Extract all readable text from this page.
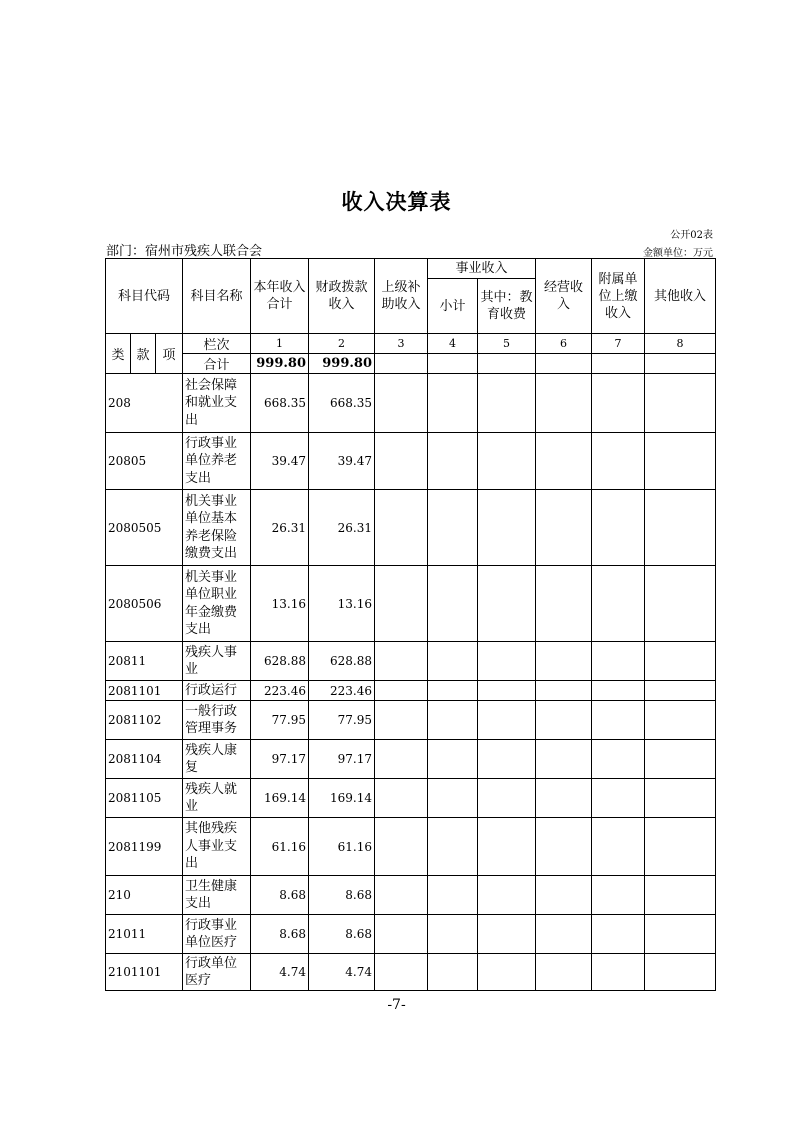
收入决算表
公开02表
部门：宿州市残疾人联合会	金额单位：万元
科目代码			科目名称	本年收入合计	财政拨款收入	上级补助收入	事业收入		经营收入	附属单位上缴收入	其他收入
							小计	其中：教育收费			

类	款	项	栏次	1	2	3	4	5	6	7	8
			合计	999.80	999.80						
208			社会保障和就业支出	668.35	668.35						
20805			行政事业单位养老支出	39.47	39.47						
2080505			机关事业单位基本养老保险缴费支出	26.31	26.31						
2080506			机关事业单位职业年金缴费支出	13.16	13.16						
20811			残疾人事业	628.88	628.88						
2081101			行政运行	223.46	223.46						
2081102			一般行政管理事务	77.95	77.95						
2081104			残疾人康复	97.17	97.17						
2081105			残疾人就业	169.14	169.14						
2081199			其他残疾人事业支出	61.16	61.16						
210			卫生健康支出	8.68	8.68						
21011			行政事业单位医疗	8.68	8.68						
2101101			行政单位医疗	4.74	4.74						
-7-
